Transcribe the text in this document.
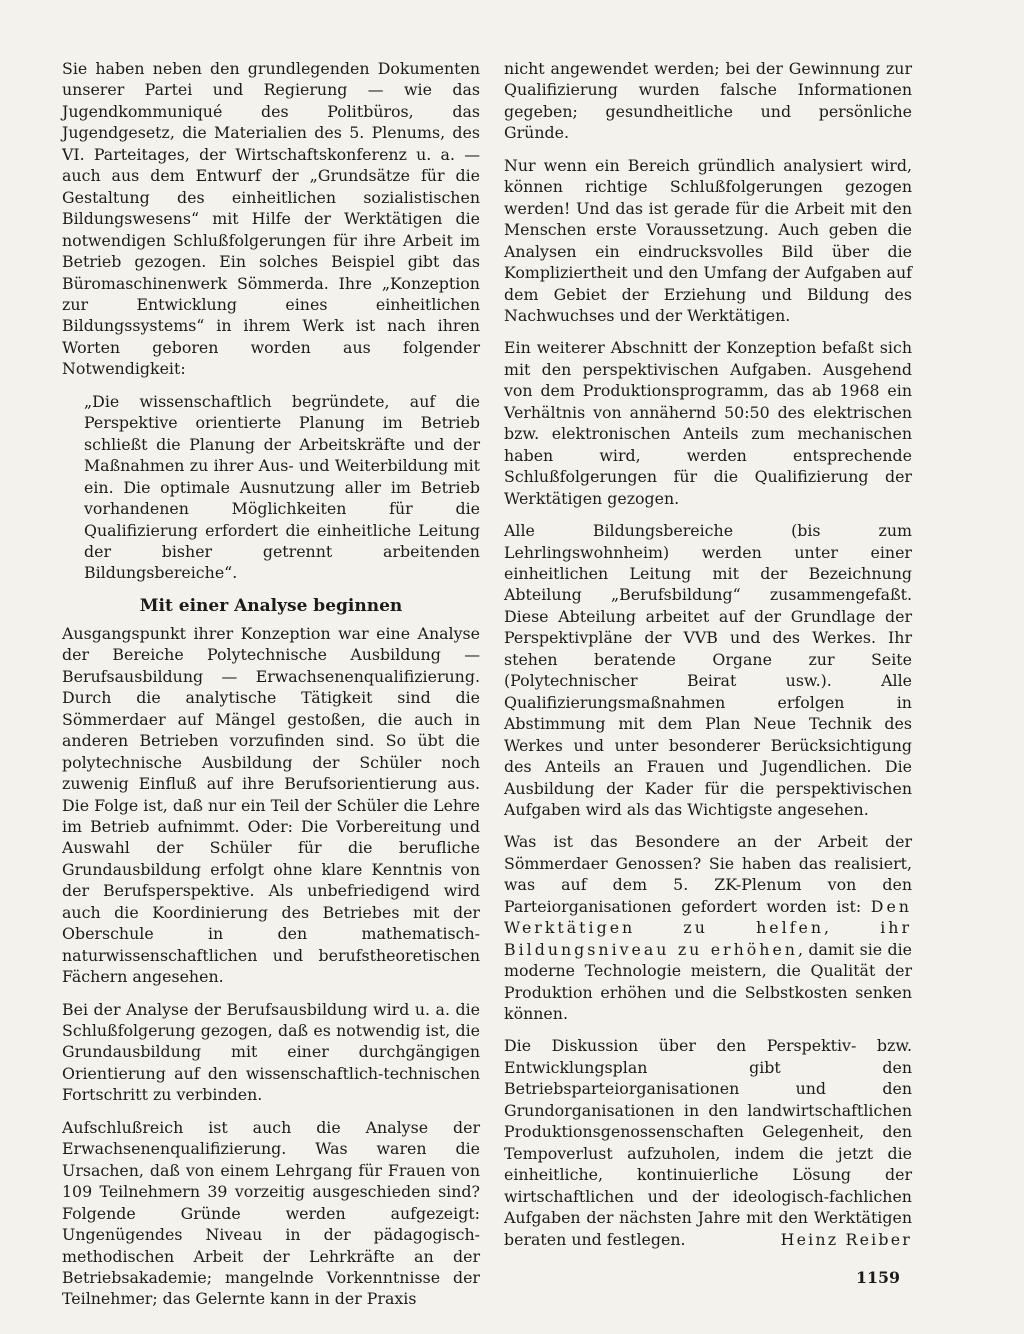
Sie haben neben den grundlegenden Dokumenten unserer Partei und Regierung — wie das Jugendkommuniqué des Politbüros, das Jugendgesetz, die Materialien des 5. Plenums, des VI. Parteitages, der Wirtschaftskonferenz u. a. — auch aus dem Entwurf der „Grundsätze für die Gestaltung des einheitlichen sozialistischen Bildungswesens“ mit Hilfe der Werktätigen die notwendigen Schlußfolgerungen für ihre Arbeit im Betrieb gezogen. Ein solches Beispiel gibt das Büromaschinenwerk Sömmerda. Ihre „Konzeption zur Entwicklung eines einheitlichen Bildungssystems“ in ihrem Werk ist nach ihren Worten geboren worden aus folgender Notwendigkeit:

„Die wissenschaftlich begründete, auf die Perspektive orientierte Planung im Betrieb schließt die Planung der Arbeitskräfte und der Maßnahmen zu ihrer Aus- und Weiterbildung mit ein. Die optimale Ausnutzung aller im Betrieb vorhandenen Möglichkeiten für die Qualifizierung erfordert die einheitliche Leitung der bisher getrennt arbeitenden Bildungsbereiche“.

Mit einer Analyse beginnen

Ausgangspunkt ihrer Konzeption war eine Analyse der Bereiche Polytechnische Ausbildung — Berufsausbildung — Erwachsenenqualifizierung. Durch die analytische Tätigkeit sind die Sömmerdaer auf Mängel gestoßen, die auch in anderen Betrieben vorzufinden sind. So übt die polytechnische Ausbildung der Schüler noch zuwenig Einfluß auf ihre Berufsorientierung aus. Die Folge ist, daß nur ein Teil der Schüler die Lehre im Betrieb aufnimmt. Oder: Die Vorbereitung und Auswahl der Schüler für die berufliche Grundausbildung erfolgt ohne klare Kenntnis von der Berufsperspektive. Als unbefriedigend wird auch die Koordinierung des Betriebes mit der Oberschule in den mathematisch-naturwissenschaftlichen und berufstheoretischen Fächern angesehen.

Bei der Analyse der Berufsausbildung wird u. a. die Schlußfolgerung gezogen, daß es notwendig ist, die Grundausbildung mit einer durchgängigen Orientierung auf den wissenschaftlich-technischen Fortschritt zu verbinden.

Aufschlußreich ist auch die Analyse der Erwachsenenqualifizierung. Was waren die Ursachen, daß von einem Lehrgang für Frauen von 109 Teilnehmern 39 vorzeitig ausgeschieden sind? Folgende Gründe werden aufgezeigt: Ungenügendes Niveau in der pädagogisch-methodischen Arbeit der Lehrkräfte an der Betriebsakademie; mangelnde Vorkenntnisse der Teilnehmer; das Gelernte kann in der Praxis

nicht angewendet werden; bei der Gewinnung zur Qualifizierung wurden falsche Informationen gegeben; gesundheitliche und persönliche Gründe.

Nur wenn ein Bereich gründlich analysiert wird, können richtige Schlußfolgerungen gezogen werden! Und das ist gerade für die Arbeit mit den Menschen erste Voraussetzung. Auch geben die Analysen ein eindrucksvolles Bild über die Kompliziertheit und den Umfang der Aufgaben auf dem Gebiet der Erziehung und Bildung des Nachwuchses und der Werktätigen.

Ein weiterer Abschnitt der Konzeption befaßt sich mit den perspektivischen Aufgaben. Ausgehend von dem Produktionsprogramm, das ab 1968 ein Verhältnis von annähernd 50:50 des elektrischen bzw. elektronischen Anteils zum mechanischen haben wird, werden entsprechende Schlußfolgerungen für die Qualifizierung der Werktätigen gezogen.

Alle Bildungsbereiche (bis zum Lehrlingswohnheim) werden unter einer einheitlichen Leitung mit der Bezeichnung Abteilung „Berufsbildung“ zusammengefaßt. Diese Abteilung arbeitet auf der Grundlage der Perspektivpläne der VVB und des Werkes. Ihr stehen beratende Organe zur Seite (Polytechnischer Beirat usw.). Alle Qualifizierungsmaßnahmen erfolgen in Abstimmung mit dem Plan Neue Technik des Werkes und unter besonderer Berücksichtigung des Anteils an Frauen und Jugendlichen. Die Ausbildung der Kader für die perspektivischen Aufgaben wird als das Wichtigste angesehen.

Was ist das Besondere an der Arbeit der Sömmerdaer Genossen? Sie haben das realisiert, was auf dem 5. ZK-Plenum von den Parteiorganisationen gefordert worden ist: Den Werktätigen zu helfen, ihr Bildungsniveau zu erhöhen, damit sie die moderne Technologie meistern, die Qualität der Produktion erhöhen und die Selbstkosten senken können.

Die Diskussion über den Perspektiv- bzw. Entwicklungsplan gibt den Betriebsparteiorganisationen und den Grundorganisationen in den landwirtschaftlichen Produktionsgenossenschaften Gelegenheit, den Tempoverlust aufzuholen, indem die jetzt die einheitliche, kontinuierliche Lösung der wirtschaftlichen und der ideologisch-fachlichen Aufgaben der nächsten Jahre mit den Werktätigen beraten und festlegen.	Heinz Reiber

1159
